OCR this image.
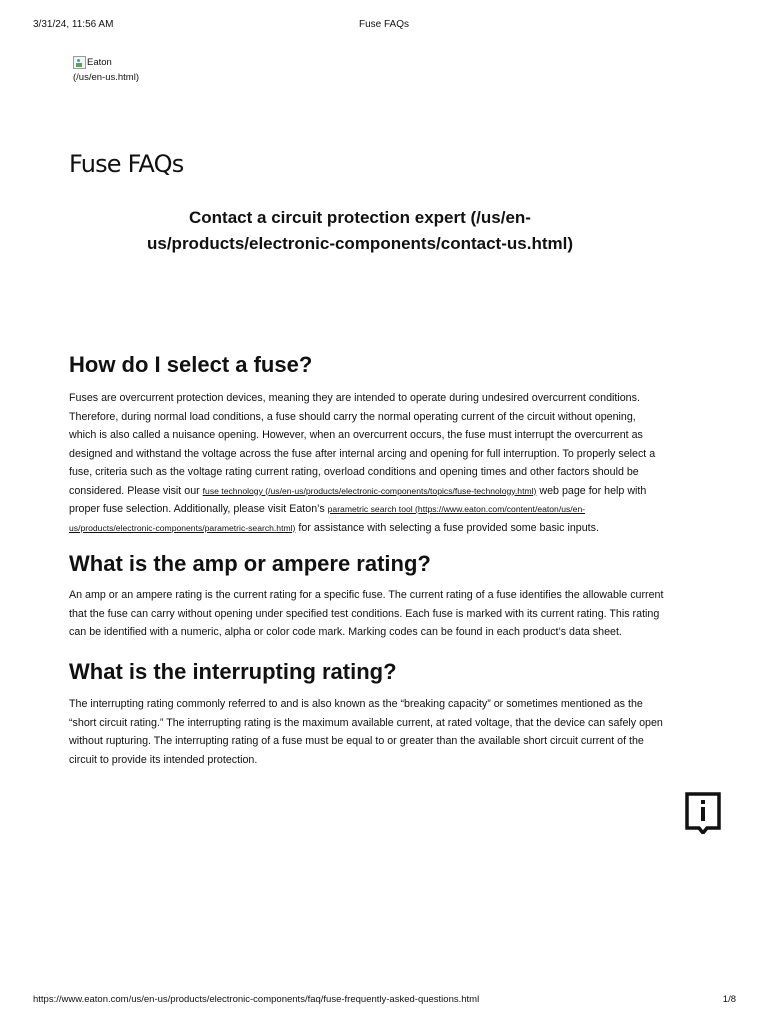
3/31/24, 11:56 AM	Fuse FAQs
Eaton
(/us/en-us.html)
Fuse FAQs
Contact a circuit protection expert (/us/en-
us/products/electronic-components/contact-us.html)
How do I select a fuse?
Fuses are overcurrent protection devices, meaning they are intended to operate during undesired overcurrent conditions.
Therefore, during normal load conditions, a fuse should carry the normal operating current of the circuit without opening,
which is also called a nuisance opening. However, when an overcurrent occurs, the fuse must interrupt the overcurrent as
designed and withstand the voltage across the fuse after internal arcing and opening for full interruption. To properly select a
fuse, criteria such as the voltage rating current rating, overload conditions and opening times and other factors should be
considered. Please visit our fuse technology (/us/en-us/products/electronic-components/topics/fuse-technology.html) web page for help with
proper fuse selection. Additionally, please visit Eaton’s parametric search tool (https://www.eaton.com/content/eaton/us/en-
us/products/electronic-components/parametric-search.html) for assistance with selecting a fuse provided some basic inputs.
What is the amp or ampere rating?
An amp or an ampere rating is the current rating for a specific fuse. The current rating of a fuse identifies the allowable current
that the fuse can carry without opening under specified test conditions. Each fuse is marked with its current rating. This rating
can be identified with a numeric, alpha or color code mark. Marking codes can be found in each product’s data sheet.
What is the interrupting rating?
The interrupting rating commonly referred to and is also known as the “breaking capacity” or sometimes mentioned as the
“short circuit rating.” The interrupting rating is the maximum available current, at rated voltage, that the device can safely open
without rupturing. The interrupting rating of a fuse must be equal to or greater than the available short circuit current of the
circuit to provide its intended protection.
https://www.eaton.com/us/en-us/products/electronic-components/faq/fuse-frequently-asked-questions.html	1/8
